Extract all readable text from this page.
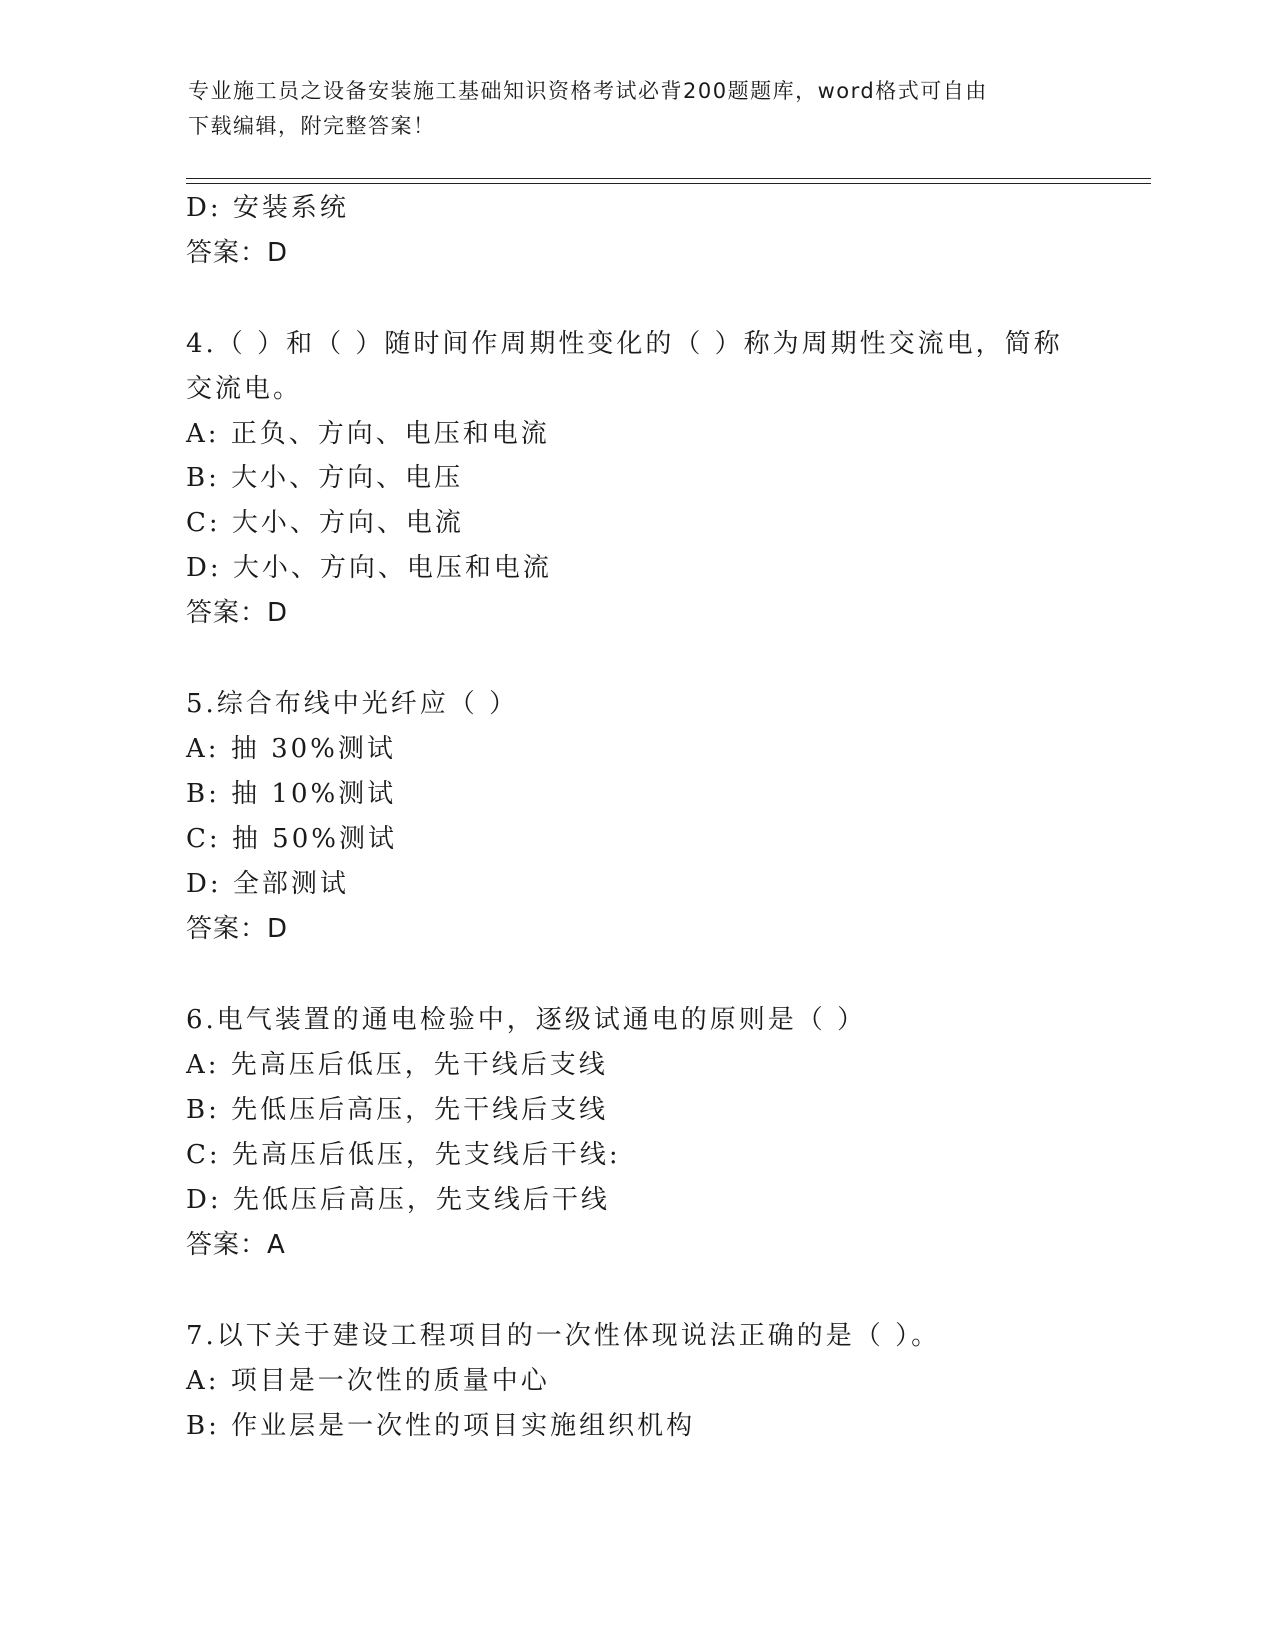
专业施工员之设备安装施工基础知识资格考试必背200题题库，word格式可自由
下载编辑，附完整答案！
D: 安装系统
答案：D
4.（ ）和（ ）随时间作周期性变化的（ ）称为周期性交流电，简称
交流电。
A: 正负、方向、电压和电流
B: 大小、方向、电压
C: 大小、方向、电流
D: 大小、方向、电压和电流
答案：D
5.综合布线中光纤应（ ）
A: 抽 30%测试
B: 抽 10%测试
C: 抽 50%测试
D: 全部测试
答案：D
6.电气装置的通电检验中，逐级试通电的原则是（ ）
A: 先高压后低压，先干线后支线
B: 先低压后高压，先干线后支线
C: 先高压后低压，先支线后干线:
D: 先低压后高压，先支线后干线
答案：A
7.以下关于建设工程项目的一次性体现说法正确的是（ ）。
A: 项目是一次性的质量中心
B: 作业层是一次性的项目实施组织机构
